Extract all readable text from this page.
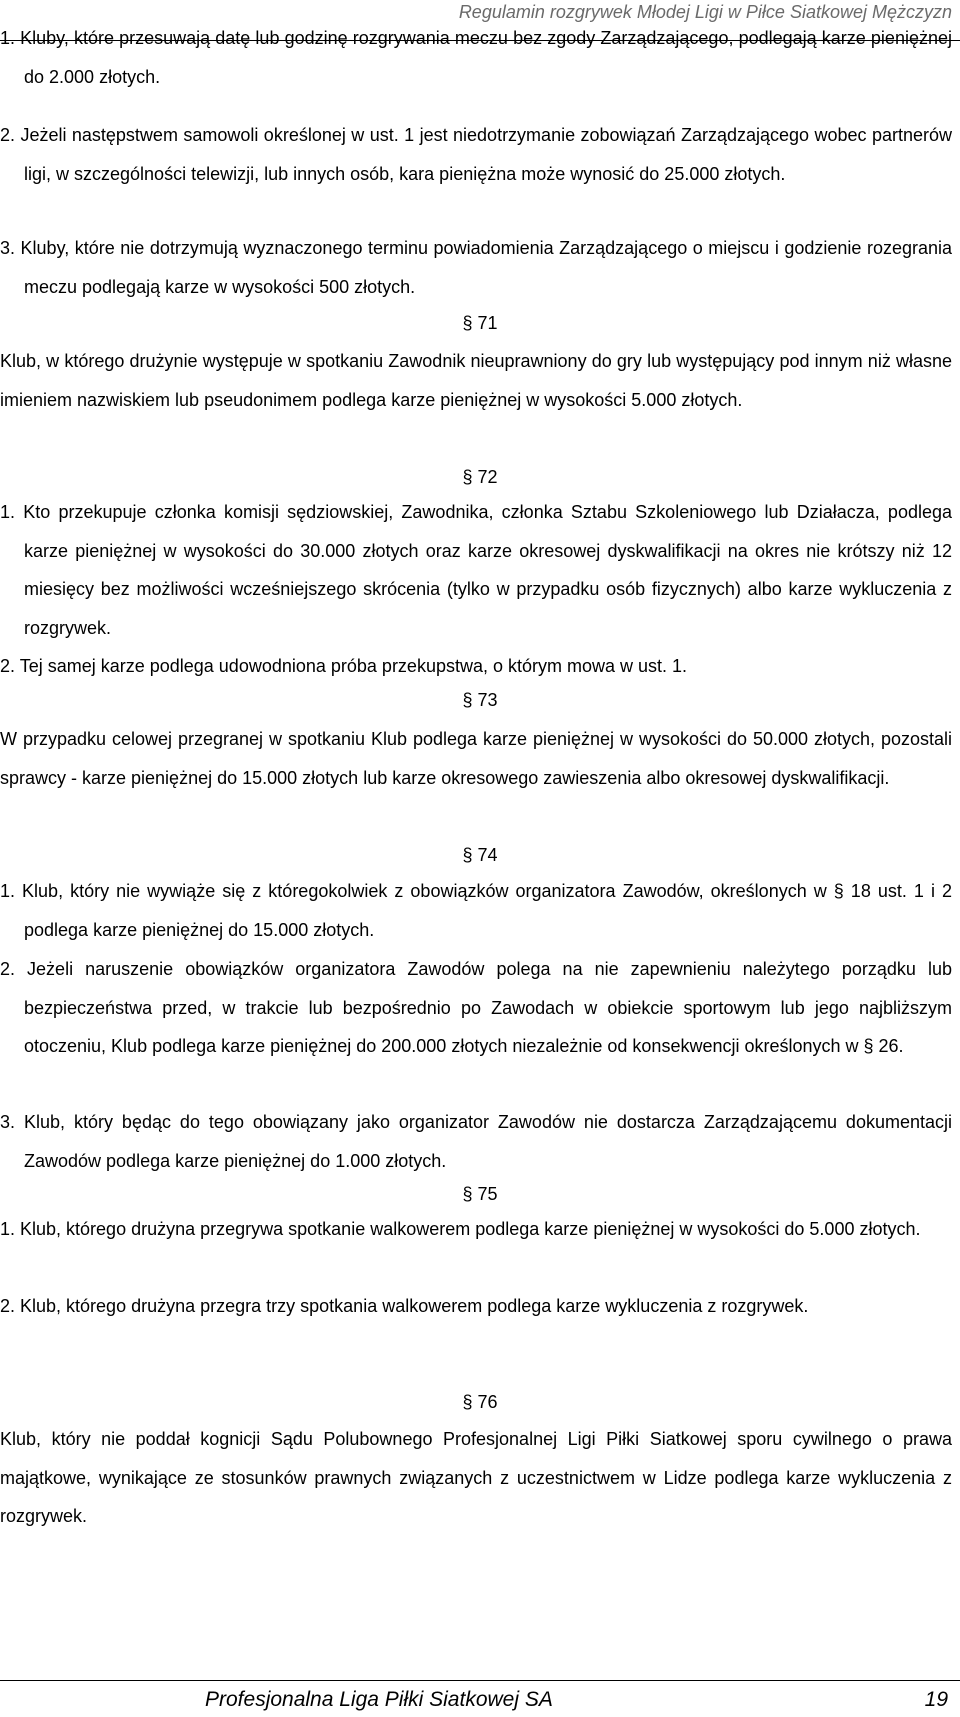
Regulamin rozgrywek Młodej Ligi w Piłce Siatkowej Mężczyzn
1. Kluby, które przesuwają datę lub godzinę rozgrywania meczu bez zgody Zarządzającego, podlegają karze pieniężnej do 2.000 złotych.
2. Jeżeli następstwem samowoli określonej w ust. 1 jest niedotrzymanie zobowiązań Zarządzającego wobec partnerów ligi, w szczególności telewizji, lub innych osób, kara pieniężna może wynosić do 25.000 złotych.
3. Kluby, które nie dotrzymują wyznaczonego terminu powiadomienia Zarządzającego o miejscu i godzienie rozegrania meczu podlegają karze w wysokości 500 złotych.
§ 71
Klub, w którego drużynie występuje w spotkaniu Zawodnik nieuprawniony do gry lub występujący pod innym niż własne imieniem nazwiskiem lub pseudonimem podlega karze pieniężnej w wysokości 5.000 złotych.
§ 72
1. Kto przekupuje członka komisji sędziowskiej, Zawodnika, członka Sztabu Szkoleniowego lub Działacza, podlega karze pieniężnej w wysokości do 30.000 złotych oraz karze okresowej dyskwalifikacji na okres nie krótszy niż 12 miesięcy bez możliwości wcześniejszego skrócenia (tylko w przypadku osób fizycznych) albo karze wykluczenia z rozgrywek.
2. Tej samej karze podlega udowodniona próba przekupstwa, o którym mowa w ust. 1.
§ 73
W przypadku celowej przegranej w spotkaniu Klub podlega karze pieniężnej w wysokości do 50.000 złotych, pozostali sprawcy - karze pieniężnej do 15.000 złotych lub karze okresowego zawieszenia albo okresowej dyskwalifikacji.
§ 74
1. Klub, który nie wywiąże się z któregokolwiek z obowiązków organizatora Zawodów, określonych w § 18 ust. 1 i 2 podlega karze pieniężnej do 15.000 złotych.
2. Jeżeli naruszenie obowiązków organizatora Zawodów polega na nie zapewnieniu należytego porządku lub bezpieczeństwa przed, w trakcie lub bezpośrednio po Zawodach w obiekcie sportowym lub jego najbliższym otoczeniu, Klub podlega karze pieniężnej do 200.000 złotych niezależnie od konsekwencji określonych w § 26.
3. Klub, który będąc do tego obowiązany jako organizator Zawodów nie dostarcza Zarządzającemu dokumentacji Zawodów podlega karze pieniężnej do 1.000 złotych.
§ 75
1. Klub, którego drużyna przegrywa spotkanie walkowerem podlega karze pieniężnej w wysokości do 5.000 złotych.
2. Klub, którego drużyna przegra trzy spotkania walkowerem podlega karze wykluczenia z rozgrywek.
§ 76
Klub, który nie poddał kognicji Sądu Polubownego Profesjonalnej Ligi Piłki Siatkowej sporu cywilnego o prawa majątkowe, wynikające ze stosunków prawnych związanych z uczestnictwem w Lidze podlega karze wykluczenia z rozgrywek.
Profesjonalna Liga Piłki Siatkowej SA	19
